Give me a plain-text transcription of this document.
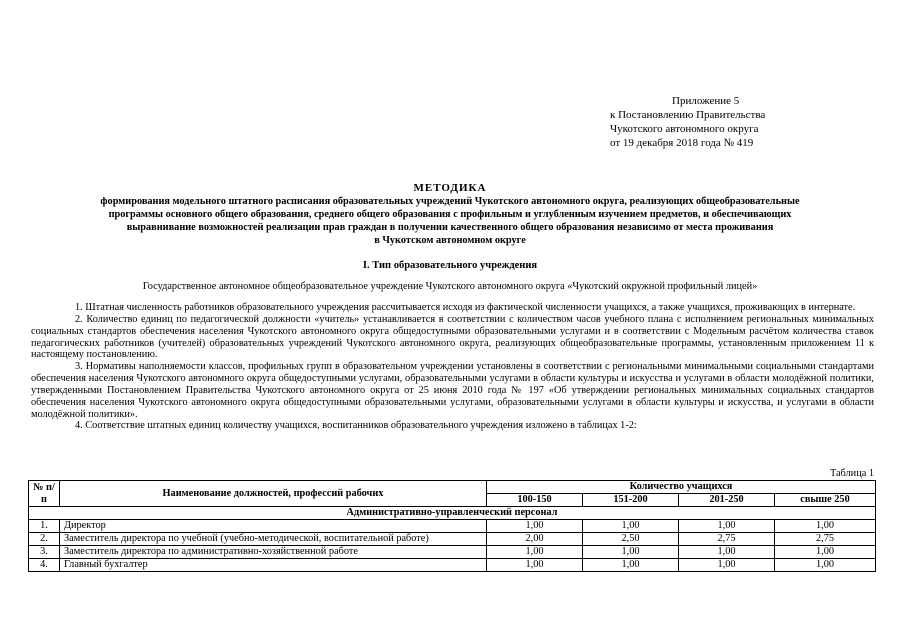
Приложение 5
к Постановлению Правительства
Чукотского автономного округа
от 19 декабря 2018 года № 419
МЕТОДИКА
формирования модельного штатного расписания образовательных учреждений Чукотского автономного округа, реализующих общеобразовательные
программы основного общего образования, среднего общего образования с профильным и углубленным изучением предметов, и обеспечивающих
выравнивание возможностей реализации прав граждан в получении качественного общего образования независимо от места проживания
в Чукотском автономном округе
I. Тип образовательного учреждения
Государственное автономное общеобразовательное учреждение Чукотского автономного округа «Чукотский окружной профильный лицей»

1. Штатная численность работников образовательного учреждения рассчитывается исходя из фактической численности учащихся, а также учащихся, проживающих в интернате.

2. Количество единиц по педагогической должности «учитель» устанавливается в соответствии с количеством часов учебного плана с исполнением региональных минимальных социальных стандартов обеспечения населения Чукотского автономного округа общедоступными образовательными услугами и в соответствии с Модельным расчётом количества ставок педагогических работников (учителей) образовательных учреждений Чукотского автономного округа, реализующих общеобразовательные программы, установленным приложением 11 к настоящему постановлению.

3. Нормативы наполняемости классов, профильных групп в образовательном учреждении установлены в соответствии с региональными минимальными социальными стандартами обеспечения населения Чукотского автономного округа общедоступными услугами, образовательными услугами в области культуры и искусства и услугами в области молодёжной политики, утвержденными Постановлением Правительства Чукотского автономного округа от 25 июня 2010 года № 197 «Об утверждении региональных минимальных социальных стандартов обеспечения населения Чукотского автономного округа общедоступными образовательными услугами, образовательными услугами в области культуры и искусства, и услугами в области молодёжной политики».

4. Соответствие штатных единиц количеству учащихся, воспитанников образовательного учреждения изложено в таблицах 1-2:

Таблица 1
№ п/п	Наименование должностей, профессий рабочих	Количество учащихся			
		100-150	151-200	201-250	свыше 250
Административно-управленческий персонал					
1.	Директор	1,00	1,00	1,00	1,00
2.	Заместитель директора по учебной (учебно-методической, воспитательной работе)	2,00	2,50	2,75	2,75
3.	Заместитель директора по административно-хозяйственной работе	1,00	1,00	1,00	1,00
4.	Главный бухгалтер	1,00	1,00	1,00	1,00
